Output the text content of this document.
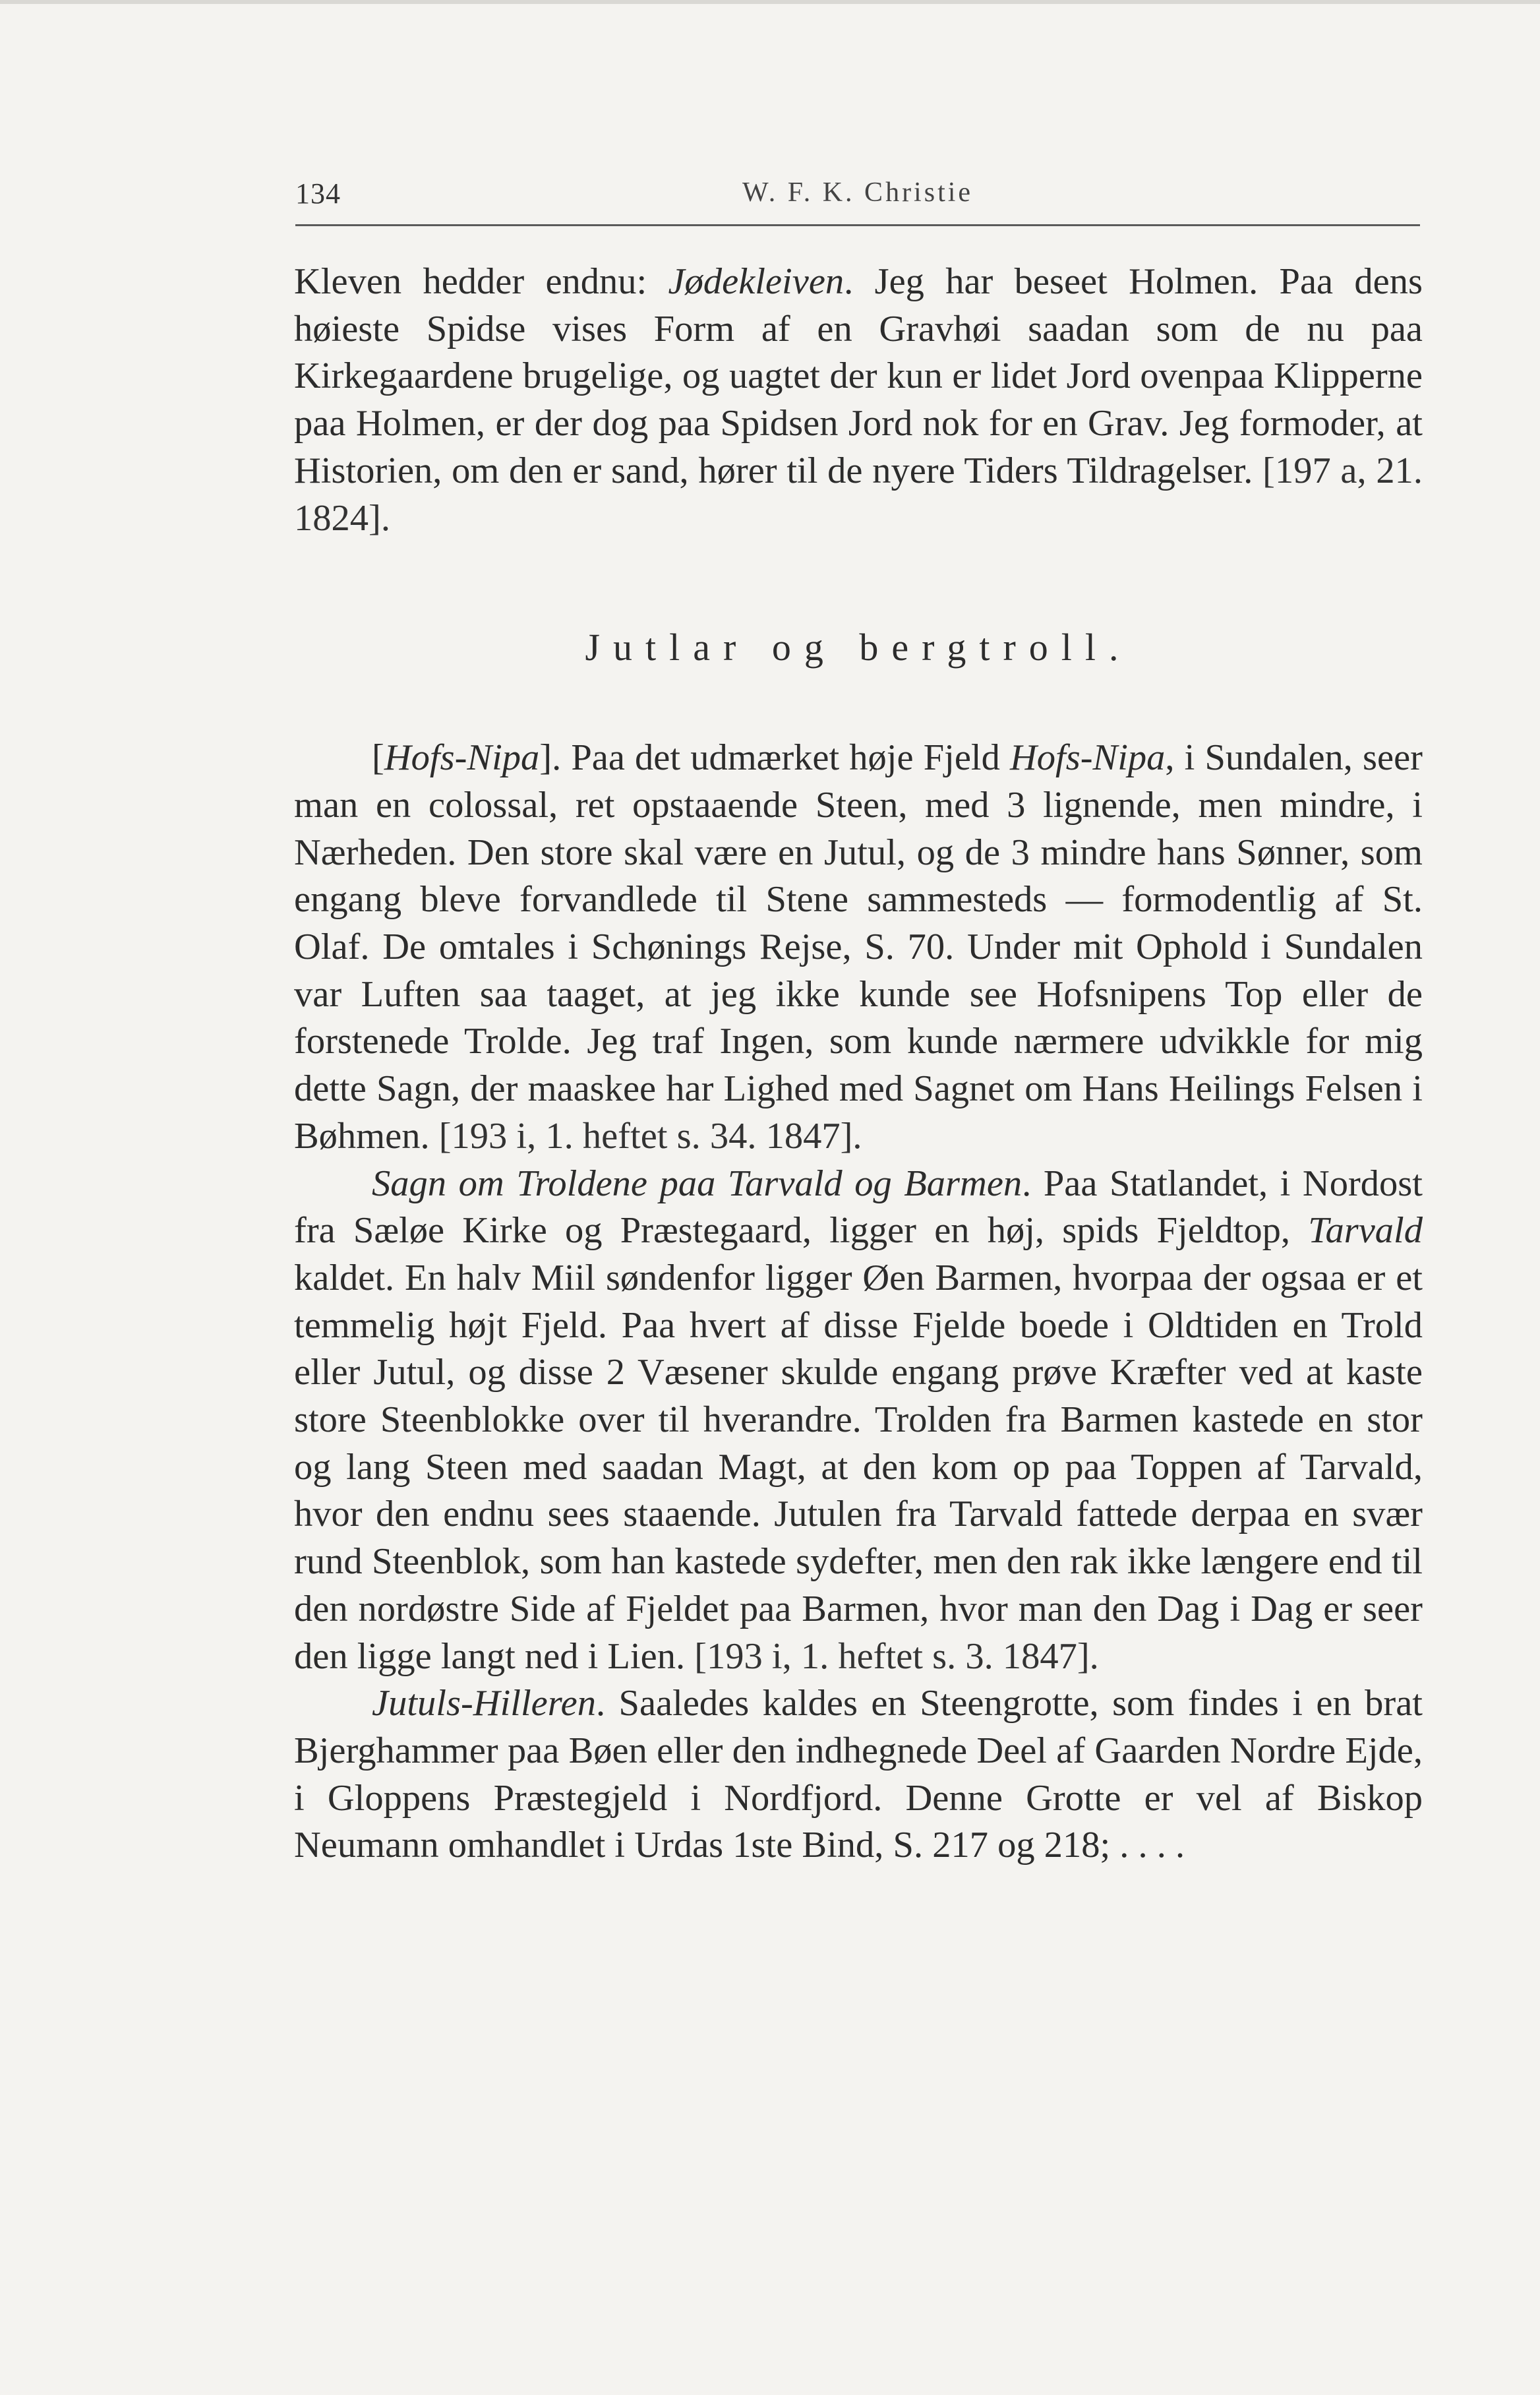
134	W. F. K. Christie

Kleven hedder endnu: Jødekleiven. Jeg har beseet Holmen. Paa dens høieste Spidse vises Form af en Gravhøi saadan som de nu paa Kirkegaardene brugelige, og uagtet der kun er lidet Jord ovenpaa Klipperne paa Holmen, er der dog paa Spidsen Jord nok for en Grav. Jeg formoder, at Historien, om den er sand, hører til de nyere Tiders Tildragelser. [197 a, 21. 1824].

Jutlar og bergtroll.

[Hofs-Nipa]. Paa det udmærket høje Fjeld Hofs-Nipa, i Sundalen, seer man en colossal, ret opstaaende Steen, med 3 lignende, men mindre, i Nærheden. Den store skal være en Jutul, og de 3 mindre hans Sønner, som engang bleve forvandlede til Stene sammesteds — formodentlig af St. Olaf. De omtales i Schønings Rejse, S. 70. Under mit Ophold i Sundalen var Luften saa taaget, at jeg ikke kunde see Hofsnipens Top eller de forstenede Trolde. Jeg traf Ingen, som kunde nærmere udvikkle for mig dette Sagn, der maaskee har Lighed med Sagnet om Hans Heilings Felsen i Bøhmen. [193 i, 1. heftet s. 34. 1847].

Sagn om Troldene paa Tarvald og Barmen. Paa Statlandet, i Nordost fra Sæløe Kirke og Præstegaard, ligger en høj, spids Fjeldtop, Tarvald kaldet. En halv Miil søndenfor ligger Øen Barmen, hvorpaa der ogsaa er et temmelig højt Fjeld. Paa hvert af disse Fjelde boede i Oldtiden en Trold eller Jutul, og disse 2 Væsener skulde engang prøve Kræfter ved at kaste store Steenblokke over til hverandre. Trolden fra Barmen kastede en stor og lang Steen med saadan Magt, at den kom op paa Toppen af Tarvald, hvor den endnu sees staaende. Jutulen fra Tarvald fattede derpaa en svær rund Steenblok, som han kastede sydefter, men den rak ikke længere end til den nordøstre Side af Fjeldet paa Barmen, hvor man den Dag i Dag er seer den ligge langt ned i Lien. [193 i, 1. heftet s. 3. 1847].

Jutuls-Hilleren. Saaledes kaldes en Steengrotte, som findes i en brat Bjerghammer paa Bøen eller den indhegnede Deel af Gaarden Nordre Ejde, i Gloppens Præstegjeld i Nordfjord. Denne Grotte er vel af Biskop Neumann omhandlet i Urdas 1ste Bind, S. 217 og 218; . . . .
